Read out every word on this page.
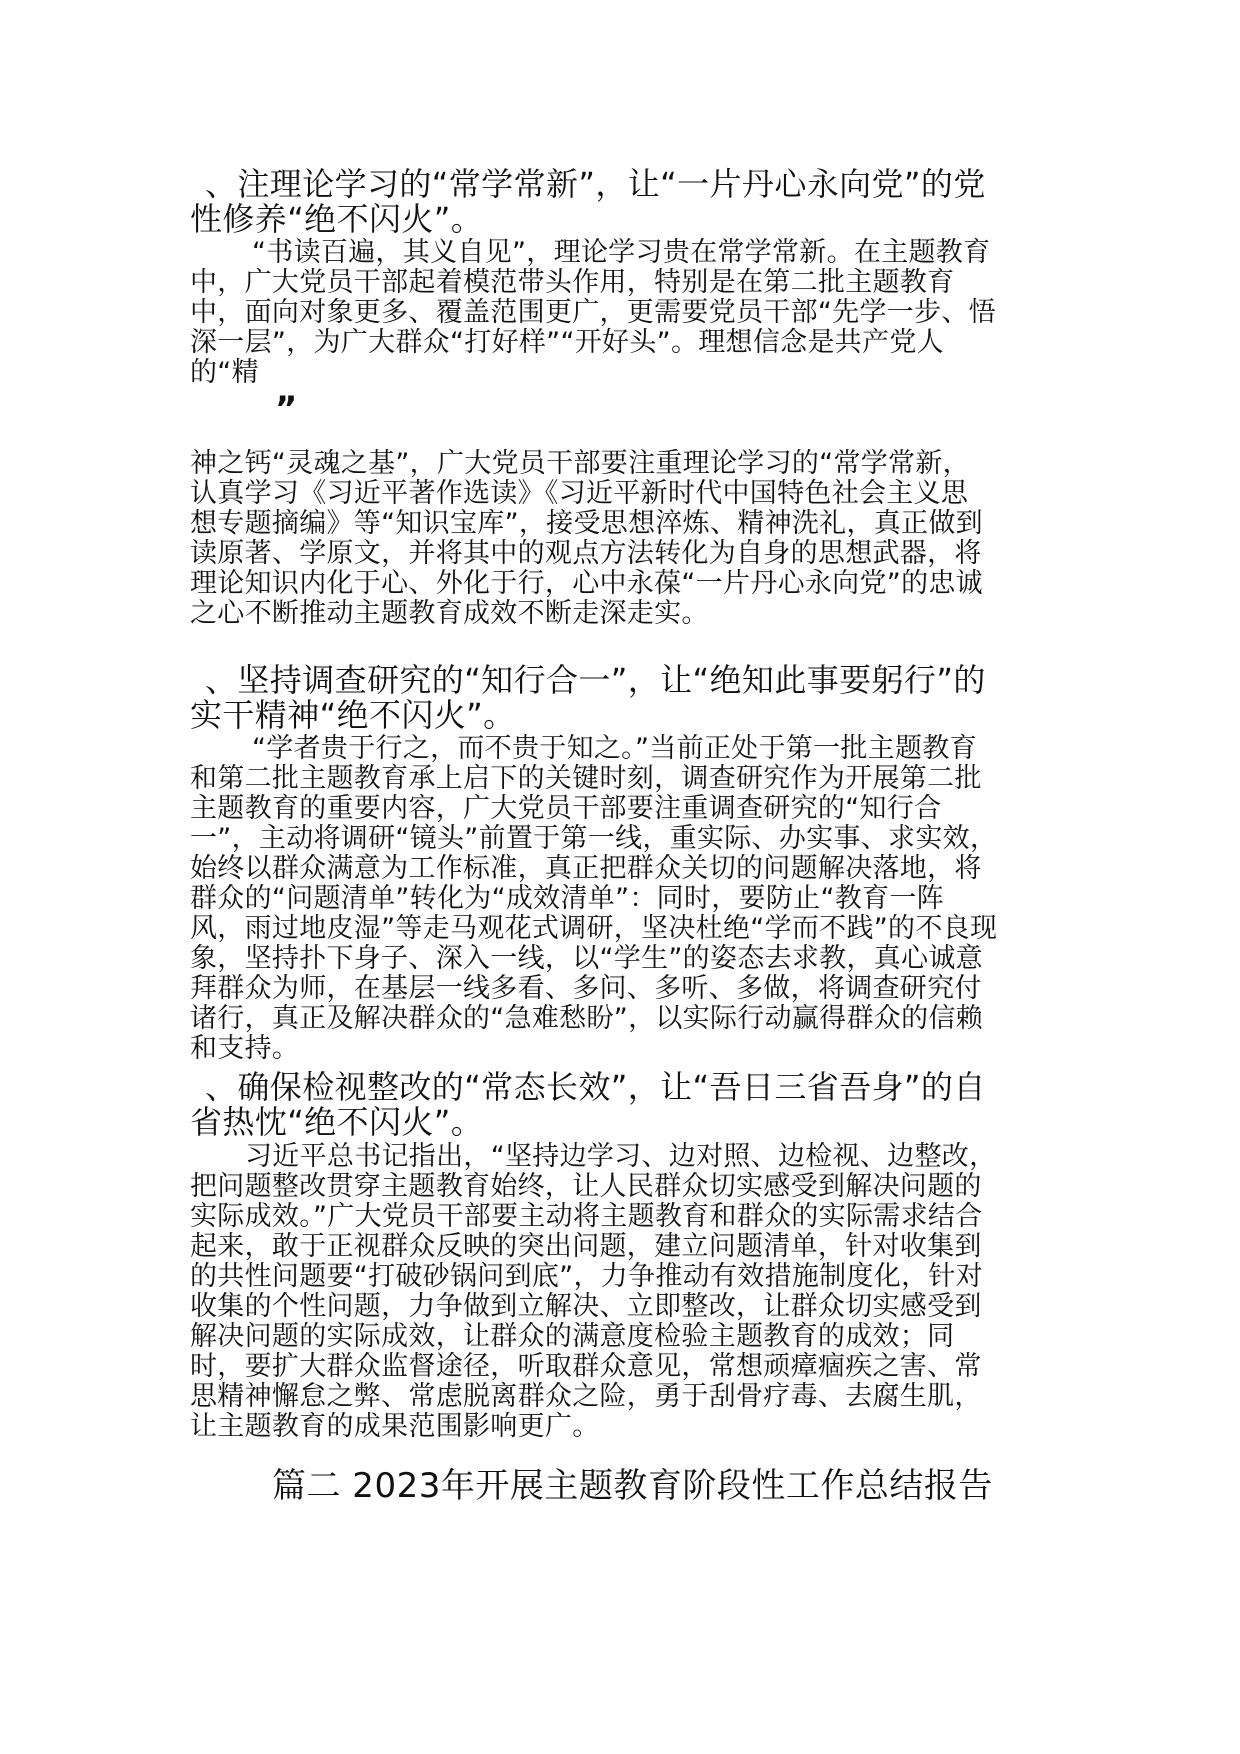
、注理论学习的“常学常新”，让“一片丹心永向党”的党
性修养“绝不闪火”。
“书读百遍，其义自见”，理论学习贵在常学常新。在主题教育
中，广大党员干部起着模范带头作用，特别是在第二批主题教育
中，面向对象更多、覆盖范围更广，更需要党员干部“先学一步、悟
深一层”，为广大群众“打好样”“开好头”。理想信念是共产党人
的“精
”
神之钙“灵魂之基”，广大党员干部要注重理论学习的“常学常新，
认真学习《习近平著作选读》《习近平新时代中国特色社会主义思
想专题摘编》等“知识宝库”，接受思想淬炼、精神洗礼，真正做到
读原著、学原文，并将其中的观点方法转化为自身的思想武器，将
理论知识内化于心、外化于行，心中永葆“一片丹心永向党”的忠诚
之心不断推动主题教育成效不断走深走实。
、坚持调查研究的“知行合一”，让“绝知此事要躬行”的
实干精神“绝不闪火”。
“学者贵于行之，而不贵于知之。”当前正处于第一批主题教育
和第二批主题教育承上启下的关键时刻，调查研究作为开展第二批
主题教育的重要内容，广大党员干部要注重调查研究的“知行合
一”，主动将调研“镜头”前置于第一线，重实际、办实事、求实效，
始终以群众满意为工作标准，真正把群众关切的问题解决落地，将
群众的“问题清单”转化为“成效清单”：同时，要防止“教育一阵
风，雨过地皮湿”等走马观花式调研，坚决杜绝“学而不践”的不良现
象，坚持扑下身子、深入一线，以“学生”的姿态去求教，真心诚意
拜群众为师，在基层一线多看、多问、多听、多做，将调查研究付
诸行，真正及解决群众的“急难愁盼”，以实际行动赢得群众的信赖
和支持。
、确保检视整改的“常态长效”，让“吾日三省吾身”的自
省热忱“绝不闪火”。
习近平总书记指出，“坚持边学习、边对照、边检视、边整改，
把问题整改贯穿主题教育始终，让人民群众切实感受到解决问题的
实际成效。”广大党员干部要主动将主题教育和群众的实际需求结合
起来，敢于正视群众反映的突出问题，建立问题清单，针对收集到
的共性问题要“打破砂锅问到底”，力争推动有效措施制度化，针对
收集的个性问题，力争做到立解决、立即整改，让群众切实感受到
解决问题的实际成效，让群众的满意度检验主题教育的成效；同
时，要扩大群众监督途径，听取群众意见，常想顽瘴痼疾之害、常
思精神懈怠之弊、常虑脱离群众之险，勇于刮骨疗毒、去腐生肌，
让主题教育的成果范围影响更广。
篇二 2023年开展主题教育阶段性工作总结报告
